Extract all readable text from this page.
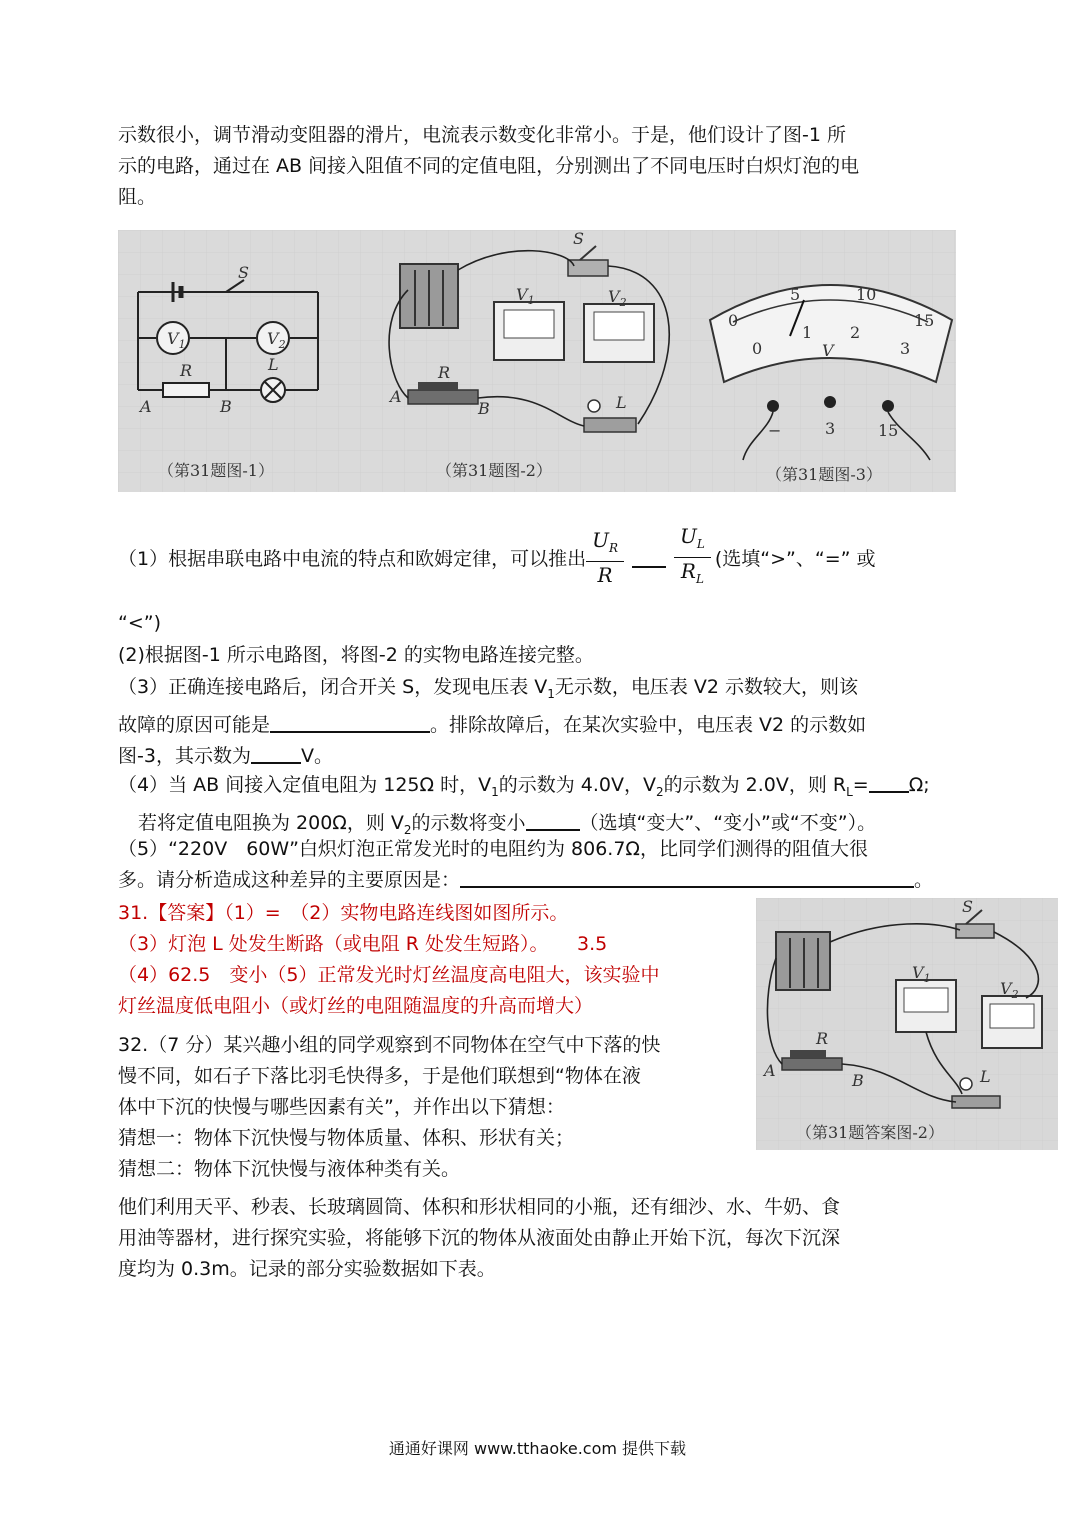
示数很小，调节滑动变阻器的滑片，电流表示数变化非常小。于是，他们设计了图-1 所
示的电路，通过在 AB 间接入阻值不同的定值电阻，分别测出了不同电压时白炽灯泡的电
阻。

S
$V_1$	$V_2$
R	L
A	B
（第31题图-1）
S
$V_1$	$V_2$
R
L
A
B
（第31题图-2）
0
5	10
15
0
1 2
3
V
−	3	15
（第31题图-3）
（1）根据串联电路中电流的特点和欧姆定律，可以推出 $\frac{U_R}{R}$	$\frac{U_L}{R_L}$ (选填“>”、“=” 或

“<”)

(2)根据图-1 所示电路图，将图-2 的实物电路连接完整。

（3）正确连接电路后，闭合开关 S，发现电压表 $V_1$无示数，电压表 V2 示数较大，则该
故障的原因可能是	。排除故障后，在某次实验中，电压表 V2 的示数如
图-3，其示数为	V。

（4）当 AB 间接入定值电阻为 125Ω 时，$V_1$的示数为 4.0V，$V_2$的示数为 2.0V，则 $R_L= \Omega$;
若将定值电阻换为 200Ω，则 $V_2$的示数将变小	（选填“变大”、“变小”或“不变”）。

（5）“220V　60W”白炽灯泡正常发光时的电阻约为 806.7Ω，比同学们测得的阻值大很
多。请分析造成这种差异的主要原因是：	。

31.【答案】（1）=　（2）实物电路连线图如图所示。
（3）灯泡 L 处发生断路（或电阻 R 处发生短路）。　　3.5
（4）62.5　变小（5）正常发光时灯丝温度高电阻大，该实验中
灯丝温度低电阻小（或灯丝的电阻随温度的升高而增大）

S
$V_1$
$V_2$
R
L
A
B
（第31题答案图-2）

32.（7 分）某兴趣小组的同学观察到不同物体在空气中下落的快
慢不同，如石子下落比羽毛快得多，于是他们联想到“物体在液
体中下沉的快慢与哪些因素有关”，并作出以下猜想：
猜想一：物体下沉快慢与物体质量、体积、形状有关；
猜想二：物体下沉快慢与液体种类有关。

他们利用天平、秒表、长玻璃圆筒、体积和形状相同的小瓶，还有细沙、水、牛奶、食
用油等器材，进行探究实验，将能够下沉的物体从液面处由静止开始下沉，每次下沉深
度均为 0.3m。记录的部分实验数据如下表。

通通好课网 www.tthaoke.com 提供下载
